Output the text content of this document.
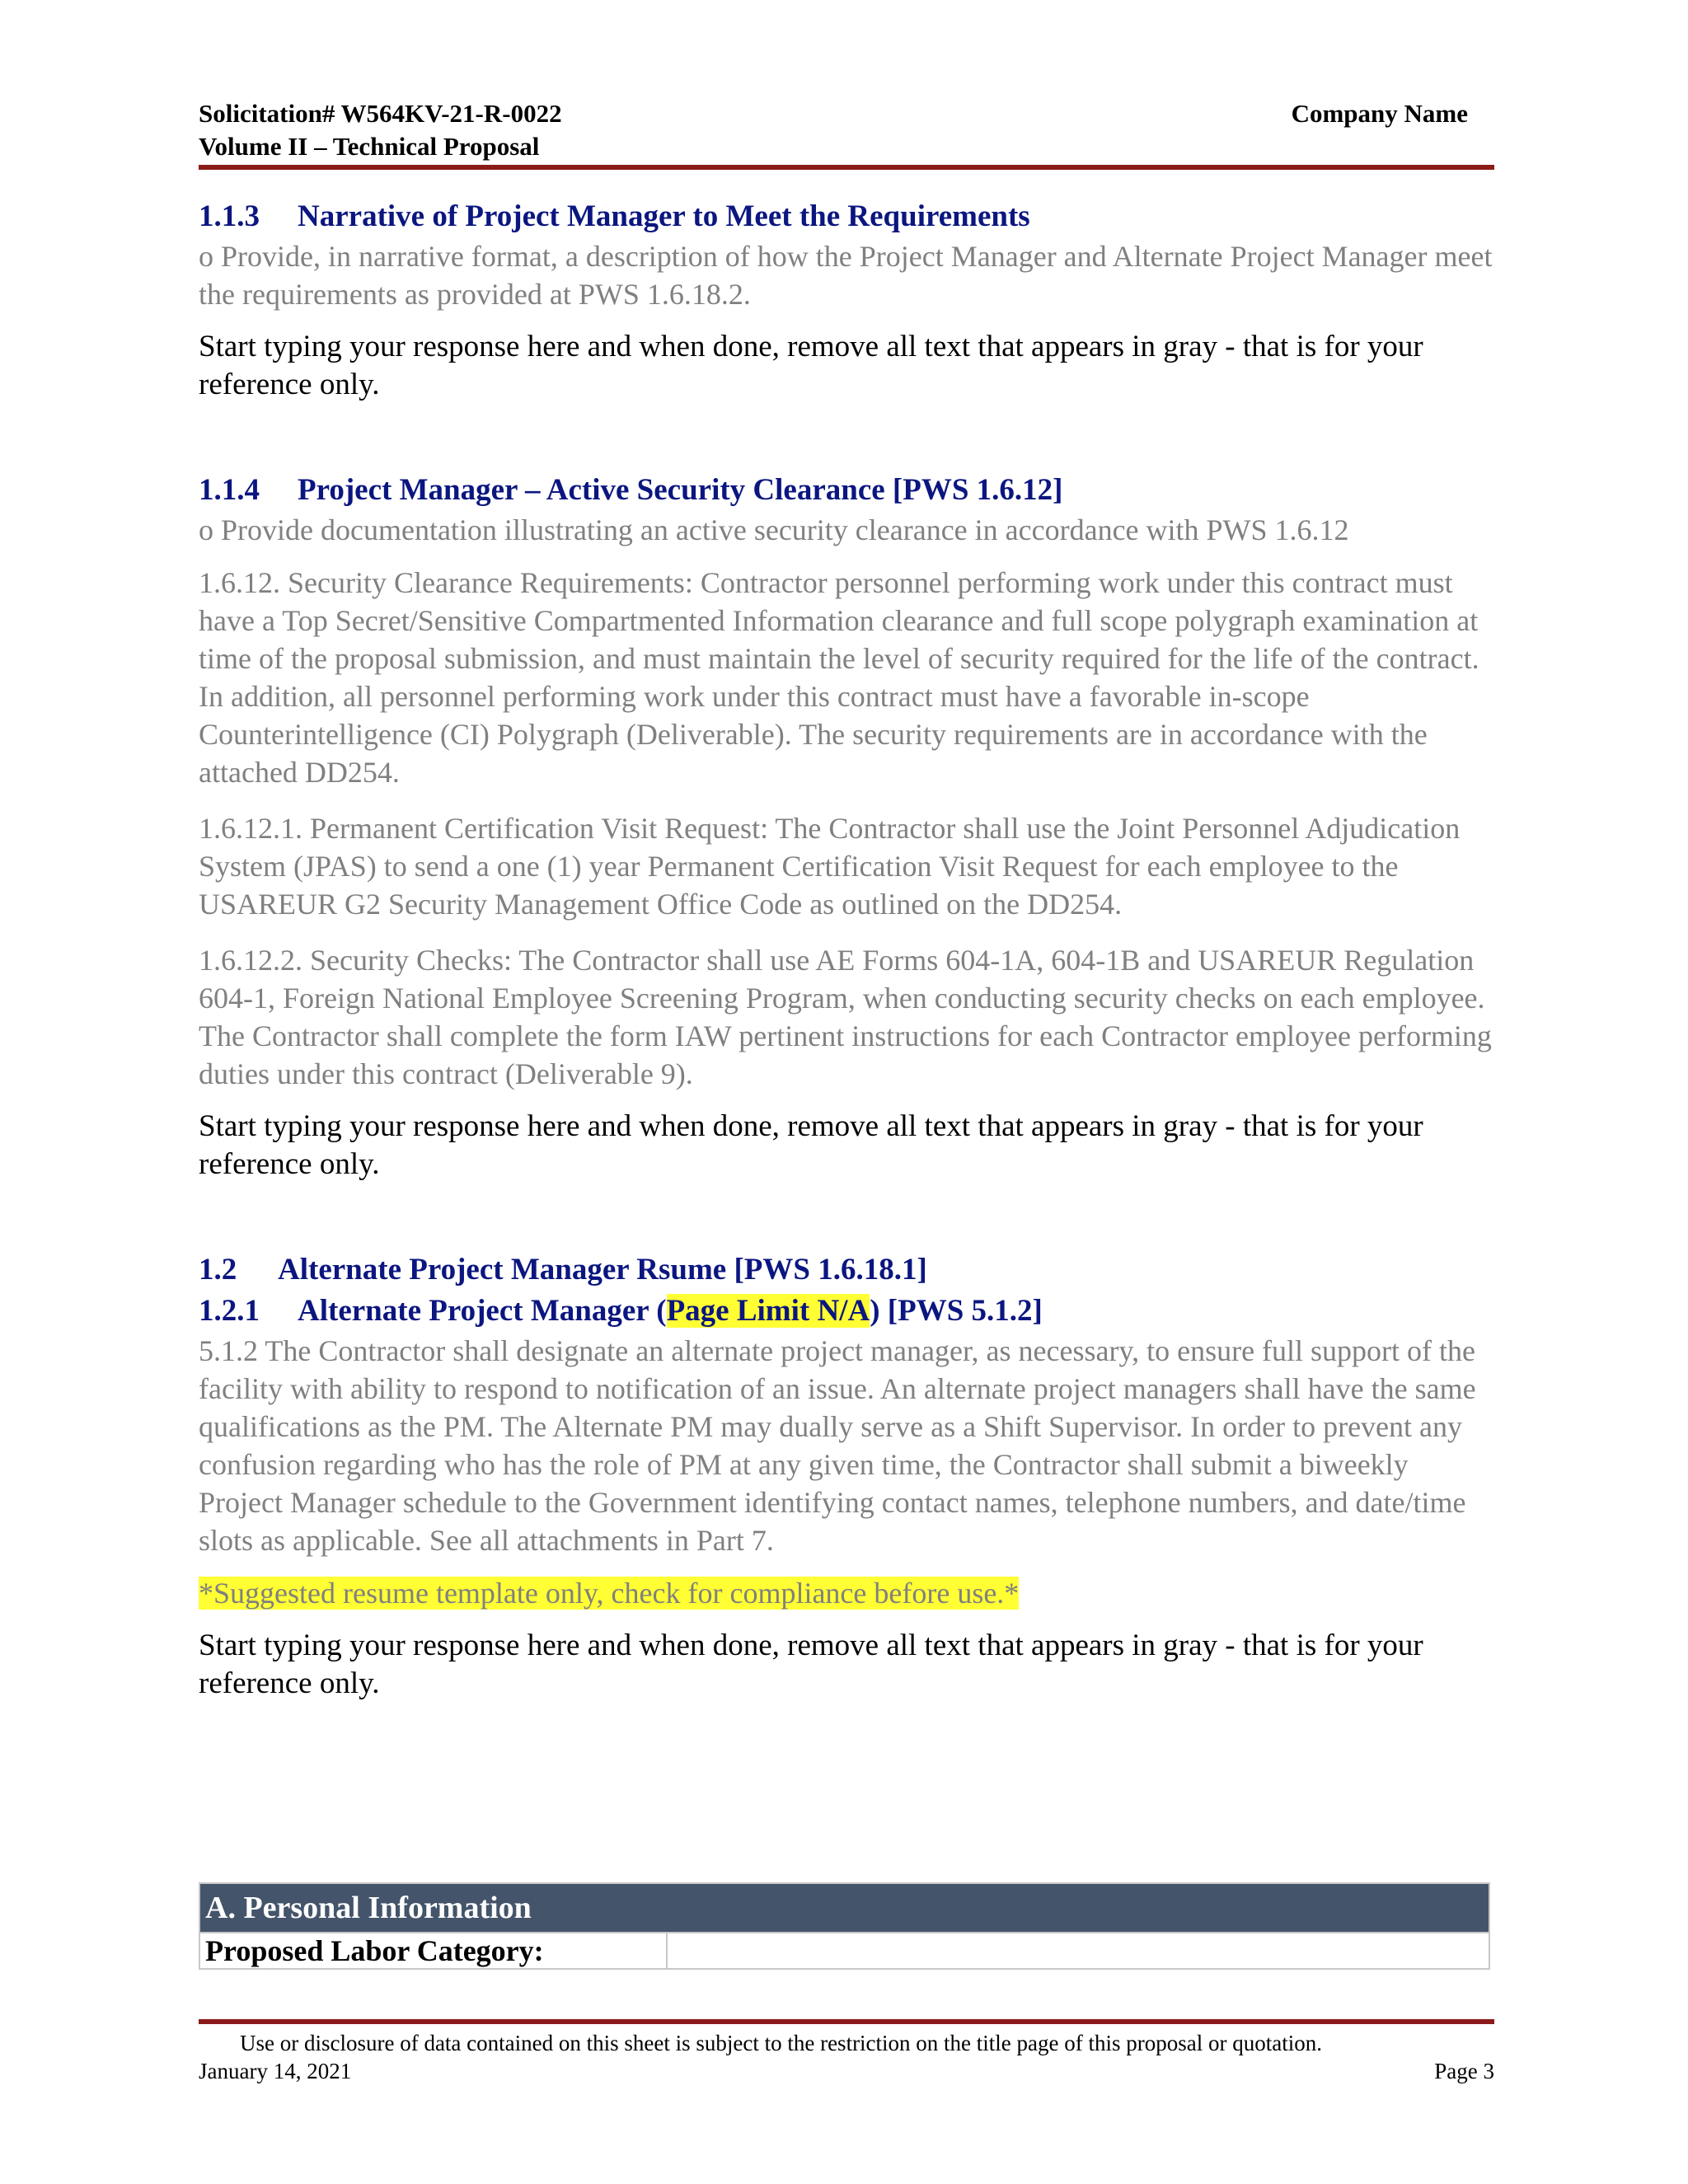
Solicitation# W564KV-21-R-0022
Volume II – Technical Proposal
Company Name
1.1.3 Narrative of Project Manager to Meet the Requirements

o Provide, in narrative format, a description of how the Project Manager and Alternate Project Manager meet the requirements as provided at PWS 1.6.18.2.

Start typing your response here and when done, remove all text that appears in gray - that is for your reference only.

1.1.4 Project Manager – Active Security Clearance [PWS 1.6.12]

o Provide documentation illustrating an active security clearance in accordance with PWS 1.6.12

1.6.12. Security Clearance Requirements: Contractor personnel performing work under this contract must have a Top Secret/Sensitive Compartmented Information clearance and full scope polygraph examination at time of the proposal submission, and must maintain the level of security required for the life of the contract. In addition, all personnel performing work under this contract must have a favorable in-scope Counterintelligence (CI) Polygraph (Deliverable). The security requirements are in accordance with the attached DD254.

1.6.12.1. Permanent Certification Visit Request: The Contractor shall use the Joint Personnel Adjudication System (JPAS) to send a one (1) year Permanent Certification Visit Request for each employee to the USAREUR G2 Security Management Office Code as outlined on the DD254.

1.6.12.2. Security Checks: The Contractor shall use AE Forms 604-1A, 604-1B and USAREUR Regulation 604-1, Foreign National Employee Screening Program, when conducting security checks on each employee. The Contractor shall complete the form IAW pertinent instructions for each Contractor employee performing duties under this contract (Deliverable 9).

Start typing your response here and when done, remove all text that appears in gray - that is for your reference only.

1.2 Alternate Project Manager Rsume [PWS 1.6.18.1]
1.2.1 Alternate Project Manager (Page Limit N/A) [PWS 5.1.2]

5.1.2 The Contractor shall designate an alternate project manager, as necessary, to ensure full support of the facility with ability to respond to notification of an issue. An alternate project managers shall have the same qualifications as the PM. The Alternate PM may dually serve as a Shift Supervisor. In order to prevent any confusion regarding who has the role of PM at any given time, the Contractor shall submit a biweekly Project Manager schedule to the Government identifying contact names, telephone numbers, and date/time slots as applicable. See all attachments in Part 7.

*Suggested resume template only, check for compliance before use.*

Start typing your response here and when done, remove all text that appears in gray - that is for your reference only.

A. Personal Information
Proposed Labor Category:	
Use or disclosure of data contained on this sheet is subject to the restriction on the title page of this proposal or quotation.
January 14, 2021	Page 3
